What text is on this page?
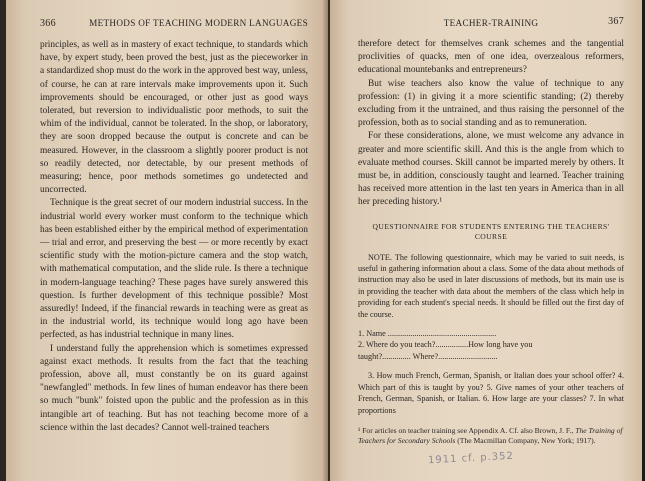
366	METHODS OF TEACHING MODERN LANGUAGES

principles, as well as in mastery of exact technique, to standards which have, by expert study, been proved the best, just as the pieceworker in a standardized shop must do the work in the approved best way, unless, of course, he can at rare intervals make improvements upon it. Such improvements should be encouraged, or other just as good ways tolerated, but reversion to individualistic poor methods, to suit the whim of the individual, cannot be tolerated. In the shop, or laboratory, they are soon dropped because the output is concrete and can be measured. However, in the classroom a slightly poorer product is not so readily detected, nor detectable, by our present methods of measuring; hence, poor methods sometimes go undetected and uncorrected.

Technique is the great secret of our modern industrial success. In the industrial world every worker must conform to the technique which has been established either by the empirical method of experimentation — trial and error, and preserving the best — or more recently by exact scientific study with the motion-picture camera and the stop watch, with mathematical computation, and the slide rule. Is there a technique in modern-language teaching? These pages have surely answered this question. Is further development of this technique possible? Most assuredly! Indeed, if the financial rewards in teaching were as great as in the industrial world, its technique would long ago have been perfected, as has industrial technique in many lines.

I understand fully the apprehension which is sometimes expressed against exact methods. It results from the fact that the teaching profession, above all, must constantly be on its guard against "newfangled" methods. In few lines of human endeavor has there been so much "bunk" foisted upon the public and the profession as in this intangible art of teaching. But has not teaching become more of a science within the last decades? Cannot well-trained teachers

TEACHER-TRAINING	367

therefore detect for themselves crank schemes and the tangential proclivities of quacks, men of one idea, overzealous reformers, educational mountebanks and entrepreneurs?

But wise teachers also know the value of technique to any profession: (1) in giving it a more scientific standing; (2) thereby excluding from it the untrained, and thus raising the personnel of the profession, both as to social standing and as to remuneration.

For these considerations, alone, we must welcome any advance in greater and more scientific skill. And this is the angle from which to evaluate method courses. Skill cannot be imparted merely by others. It must be, in addition, consciously taught and learned. Teacher training has received more attention in the last ten years in America than in all her preceding history.¹

QUESTIONNAIRE FOR STUDENTS ENTERING THE TEACHERS'
COURSE

NOTE. The following questionnaire, which may be varied to suit needs, is useful in gathering information about a class. Some of the data about methods of instruction may also be used in later discussions of methods, but its main use is in providing the teacher with data about the members of the class which help in providing for each student's special needs. It should be filled out the first day of the course.

1. Name .....................................................

2. Where do you teach?................How long have you

taught?.............. Where?.............................

3. How much French, German, Spanish, or Italian does your school offer? 4. Which part of this is taught by you? 5. Give names of your other teachers of French, German, Spanish, or Italian. 6. How large are your classes? 7. In what proportions

¹ For articles on teacher training see Appendix A. Cf. also Brown, J. F., The Training of Teachers for Secondary Schools (The Macmillan Company, New York; 1917).
1911 cf. p.352
